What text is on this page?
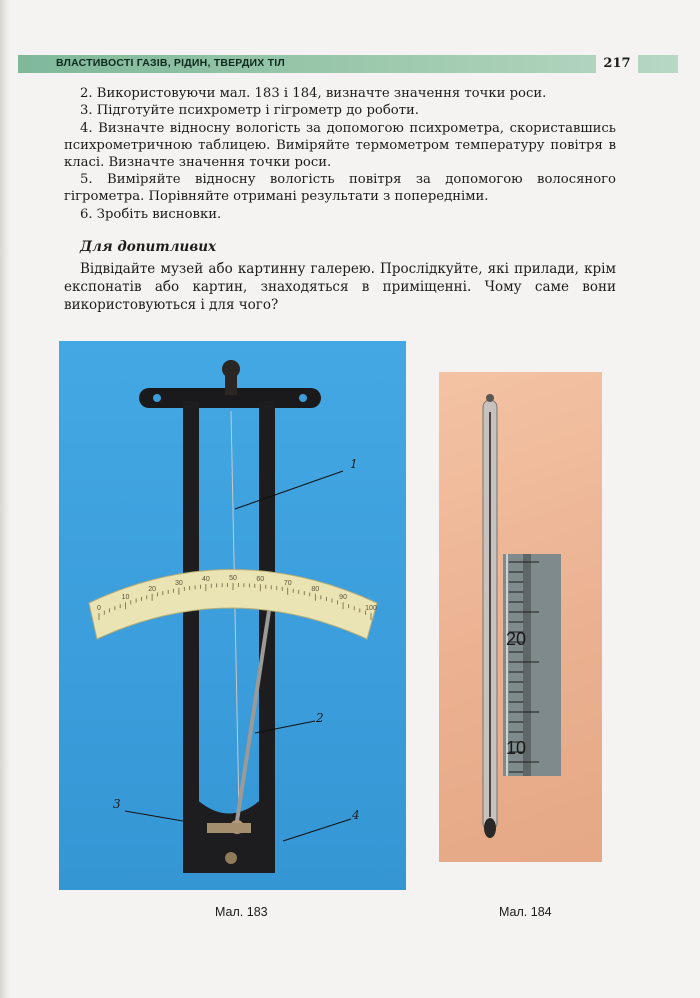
ВЛАСТИВОСТІ ГАЗІВ, РІДИН, ТВЕРДИХ ТІЛ	217
2. Використовуючи мал. 183 і 184, визначте значення точки роси.
3. Підготуйте психрометр і гігрометр до роботи.
4. Визначте відносну вологість за допомогою психрометра, скориставшись психрометричною таблицею. Виміряйте термометром температуру повітря в класі. Визначте значення точки роси.
5. Виміряйте відносну вологість повітря за допомогою волосяного гігрометра. Порівняйте отримані результати з попередніми.
6. Зробіть висновки.
Для допитливих
Відвідайте музей або картинну галерею. Прослідкуйте, які прилади, крім експонатів або картин, знаходяться в приміщенні. Чому саме вони використовуються і для чого?
0
10
20
30
40	50	60
70
80
90
100
1
2
3
4
20
10
Мал. 183	Мал. 184
